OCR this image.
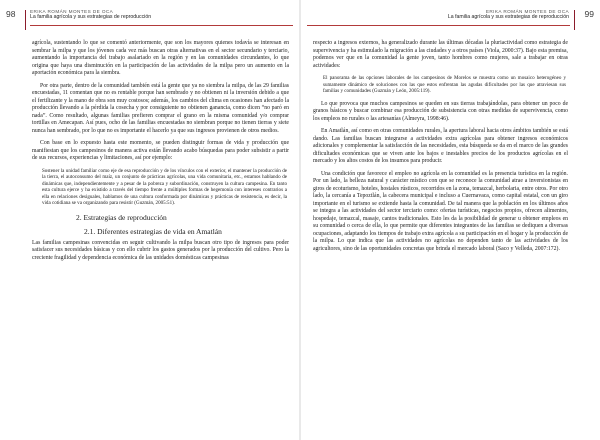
98	ERIKA ROMÁN MONTES DE OCA
La familia agrícola y sus estrategias de reproducción

agrícola, sustentando lo que se comentó anteriormente, que son los mayores quienes todavía se interesan en sembrar la milpa y que los jóvenes cada vez más buscan otras alternativas en el sector secundario y terciario, aumentando la importancia del trabajo asalariado en la región y en las comunidades circundantes, lo que origina que haya una disminución en la participación de las actividades de la milpa pero un aumento en la aportación económica para la siembra.

Por otra parte, dentro de la comunidad también está la gente que ya no siembra la milpa, de las 29 familias encuestadas, 11 comentan que no es rentable porque han sembrado y no obtienen ni la inversión debido a que el fertilizante y la mano de obra son muy costosos; además, los cambios del clima en ocasiones han afectado la producción llevando a la pérdida la cosecha y por consiguiente no obtienen ganancia, como dicen “no paró en nada”. Como resultado, algunas familias prefieren comprar el grano en la misma comunidad y/o comprar tortillas en Amecapan. Así pues, ocho de las familias encuestadas no siembran porque no tienen tierras y siete nunca han sembrado, por lo que no es importante el hacerlo ya que sus ingresos provienen de otros medios.

Con base en lo expuesto hasta este momento, se pueden distinguir formas de vida y producción que manifiestan que los campesinos de manera activa están llevando acabo búsquedas para poder subsistir a partir de sus recursos, experiencias y limitaciones, así por ejemplo:

Sostener la unidad familiar como eje de esa reproducción y de los vínculos con el exterior, el mantener la producción de la tierra, el autoconsumo del maíz, un conjunto de prácticas agrícolas, una vida comunitaria, etc., estamos hablando de dinámicas que, independientemente y a pesar de la pobreza y subordinación, construyen la cultura campesina. En tanto esta cultura ejerce y ha existido a través del tiempo frente a múltiples formas de hegemonía con intereses contrarios a ella en relaciones desiguales, hablamos de una cultura conformada por dinámicas y prácticas de resistencia, es decir, la vida cotidiana se va organizando para resistir (Guzmán, 2005:51).
2. Estrategias de reproducción
2.1. Diferentes estrategias de vida en Amatlán

Las familias campesinas convencidas en seguir cultivando la milpa buscan otro tipo de ingresos para poder satisfacer sus necesidades básicas y con ello cubrir los gastos generados por la producción del cultivo. Pero la creciente fragilidad y dependencia económica de las unidades domésticas campesinas

99
ERIKA ROMÁN MONTES DE OCA
La familia agrícola y sus estrategias de reproducción

respecto a ingresos externos, ha generalizado durante las últimas décadas la pluriactividad como estrategia de supervivencia y ha estimulado la migración a las ciudades y a otros países (Viola, 2000:37). Bajo esta premisa, podemos ver que en la comunidad la gente joven, tanto hombres como mujeres, sale a trabajar en otras actividades:

El panorama de las opciones laborales de los campesinos de Morelos se muestra como un mosaico heterogéneo y sumamente dinámico de soluciones con las que estos enfrentan las agudas dificultades por las que atraviesan sus familias y comunidades (Guzmán y León, 2005:119).

Lo que provoca que muchos campesinos se queden en sus tierras trabajándolas, para obtener un poco de granos básicos y buscar combinar esa producción de subsistencia con otras medidas de supervivencia, como los empleos no rurales o las artesanías (Almeyra, 1998:46).

En Amatlán, así como en otras comunidades rurales, la apertura laboral hacia otros ámbitos también se está dando. Las familias buscan integrarse a actividades extra agrícolas para obtener ingresos económicos adicionales y complementar la satisfacción de las necesidades, esta búsqueda se da en el marco de las grandes dificultades económicas que se viven ante los bajos e inestables precios de los productos agrícolas en el mercado y los altos costos de los insumos para producir.

Una condición que favorece el empleo no agrícola en la comunidad es la presencia turística en la región. Por un lado, la belleza natural y carácter místico con que se reconoce la comunidad atrae a inversionistas en giros de ecoturismo, hoteles, hostales rústicos, recorridos en la zona, temazcal, herbolaria, entre otros. Por otro lado, la cercanía a Tepoztlán, la cabecera municipal e incluso a Cuernavaca, como capital estatal, con un giro importante en el turismo se extiende hasta la comunidad. De tal manera que la población en los últimos años se integra a las actividades del sector terciario como: ofertas turísticas, negocios propios, ofrecen alimentos, hospedaje, temazcal, masaje, cantos tradicionales. Esto les da la posibilidad de generar u obtener empleos en su comunidad o cerca de ella, lo que permite que diferentes integrantes de las familias se dediquen a diversas ocupaciones, adaptando los tiempos de trabajo extra agrícola a su participación en el hogar y la producción de la milpa. Lo que indica que las actividades no agrícolas no dependen tanto de las actividades de los agricultores, sino de las oportunidades concretas que brinda el mercado laboral (Saco y Velleda, 2007:172).
